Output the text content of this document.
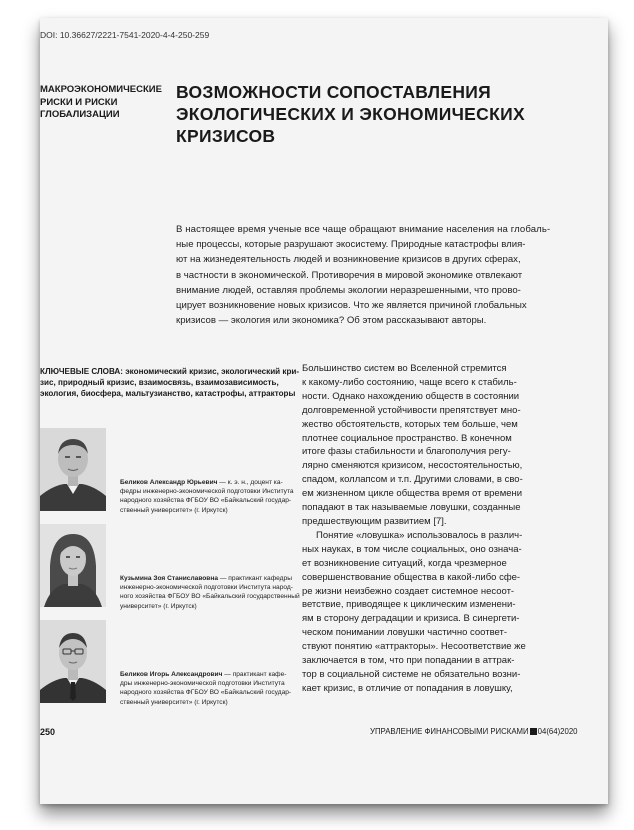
DOI: 10.36627/2221-7541-2020-4-4-250-259
МАКРОЭКОНОМИЧЕСКИЕ
РИСКИ И РИСКИ
ГЛОБАЛИЗАЦИИ
ВОЗМОЖНОСТИ СОПОСТАВЛЕНИЯ
ЭКОЛОГИЧЕСКИХ И ЭКОНОМИЧЕСКИХ
КРИЗИСОВ
В настоящее время ученые все чаще обращают внимание населения на глобаль-
ные процессы, которые разрушают экосистему. Природные катастрофы влия-
ют на жизнедеятельность людей и возникновение кризисов в других сферах,
в частности в экономической. Противоречия в мировой экономике отвлекают
внимание людей, оставляя проблемы экологии неразрешенными, что прово-
цирует возникновение новых кризисов. Что же является причиной глобальных
кризисов — экология или экономика? Об этом рассказывают авторы.
КЛЮЧЕВЫЕ СЛОВА: экономический кризис, экологический кри-
зис, природный кризис, взаимосвязь, взаимозависимость,
экология, биосфера, мальтузианство, катастрофы, аттракторы
Беликов Александр Юрьевич — к. э. н., доцент ка-
федры инженерно-экономической подготовки Института
народного хозяйства ФГБОУ ВО «Байкальский государ-
ственный университет» (г. Иркутск)
Кузьмина Зоя Станиславовна — практикант кафедры
инженерно-экономической подготовки Института народ-
ного хозяйства ФГБОУ ВО «Байкальский государственный
университет» (г. Иркутск)
Беликов Игорь Александрович — практикант кафе-
дры инженерно-экономической подготовки Института
народного хозяйства ФГБОУ ВО «Байкальский государ-
ственный университет» (г. Иркутск)
Большинство систем во Вселенной стремится
к какому-либо состоянию, чаще всего к стабиль-
ности. Однако нахождению обществ в состоянии
долговременной устойчивости препятствует мно-
жество обстоятельств, которых тем больше, чем
плотнее социальное пространство. В конечном
итоге фазы стабильности и благополучия регу-
лярно сменяются кризисом, несостоятельностью,
спадом, коллапсом и т.п. Другими словами, в сво-
ем жизненном цикле общества время от времени
попадают в так называемые ловушки, созданные
предшествующим развитием [7].
Понятие «ловушка» использовалось в различ-
ных науках, в том числе социальных, оно означа-
ет возникновение ситуаций, когда чрезмерное
совершенствование общества в какой-либо сфе-
ре жизни неизбежно создает системное несоот-
ветствие, приводящее к циклическим изменени-
ям в сторону деградации и кризиса. В синергети-
ческом понимании ловушки частично соответ-
ствуют понятию «аттракторы». Несоответствие же
заключается в том, что при попадании в аттрак-
тор в социальной системе не обязательно возни-
кает кризис, в отличие от попадания в ловушку,
250	УПРАВЛЕНИЕ ФИНАНСОВЫМИ РИСКАМИ 04(64)2020
